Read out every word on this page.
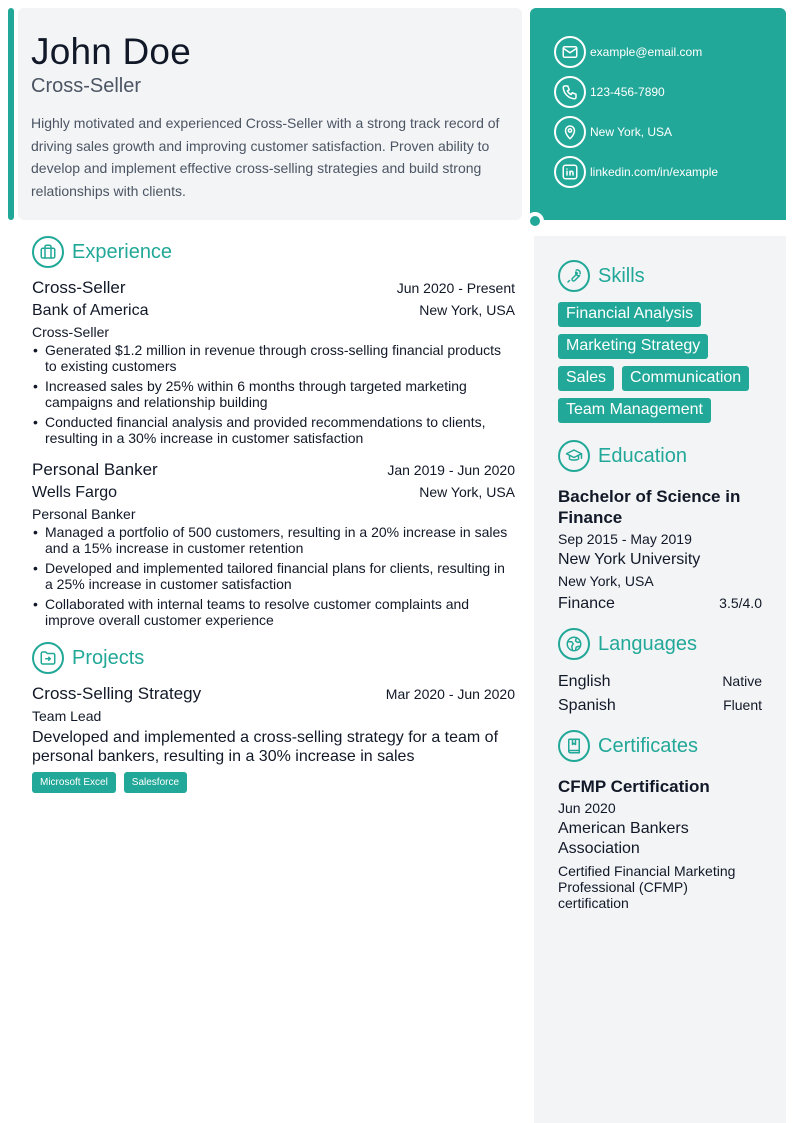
John Doe
Cross-Seller
Highly motivated and experienced Cross-Seller with a strong track record of driving sales growth and improving customer satisfaction. Proven ability to develop and implement effective cross-selling strategies and build strong relationships with clients.
example@email.com
123-456-7890
New York, USA
linkedin.com/in/example
Experience
Cross-Seller	Jun 2020 - Present
Bank of America	New York, USA
Cross-Seller
• Generated $1.2 million in revenue through cross-selling financial products to existing customers
• Increased sales by 25% within 6 months through targeted marketing campaigns and relationship building
• Conducted financial analysis and provided recommendations to clients, resulting in a 30% increase in customer satisfaction
Personal Banker	Jan 2019 - Jun 2020
Wells Fargo	New York, USA
Personal Banker
• Managed a portfolio of 500 customers, resulting in a 20% increase in sales and a 15% increase in customer retention
• Developed and implemented tailored financial plans for clients, resulting in a 25% increase in customer satisfaction
• Collaborated with internal teams to resolve customer complaints and improve overall customer experience
Projects
Cross-Selling Strategy	Mar 2020 - Jun 2020
Team Lead
Developed and implemented a cross-selling strategy for a team of personal bankers, resulting in a 30% increase in sales
Microsoft Excel	Salesforce
Skills
Financial Analysis
Marketing Strategy
Sales	Communication
Team Management
Education
Bachelor of Science in Finance
Sep 2015 - May 2019
New York University
New York, USA
Finance	3.5/4.0
Languages
English	Native
Spanish	Fluent
Certificates
CFMP Certification
Jun 2020
American Bankers Association
Certified Financial Marketing Professional (CFMP) certification
